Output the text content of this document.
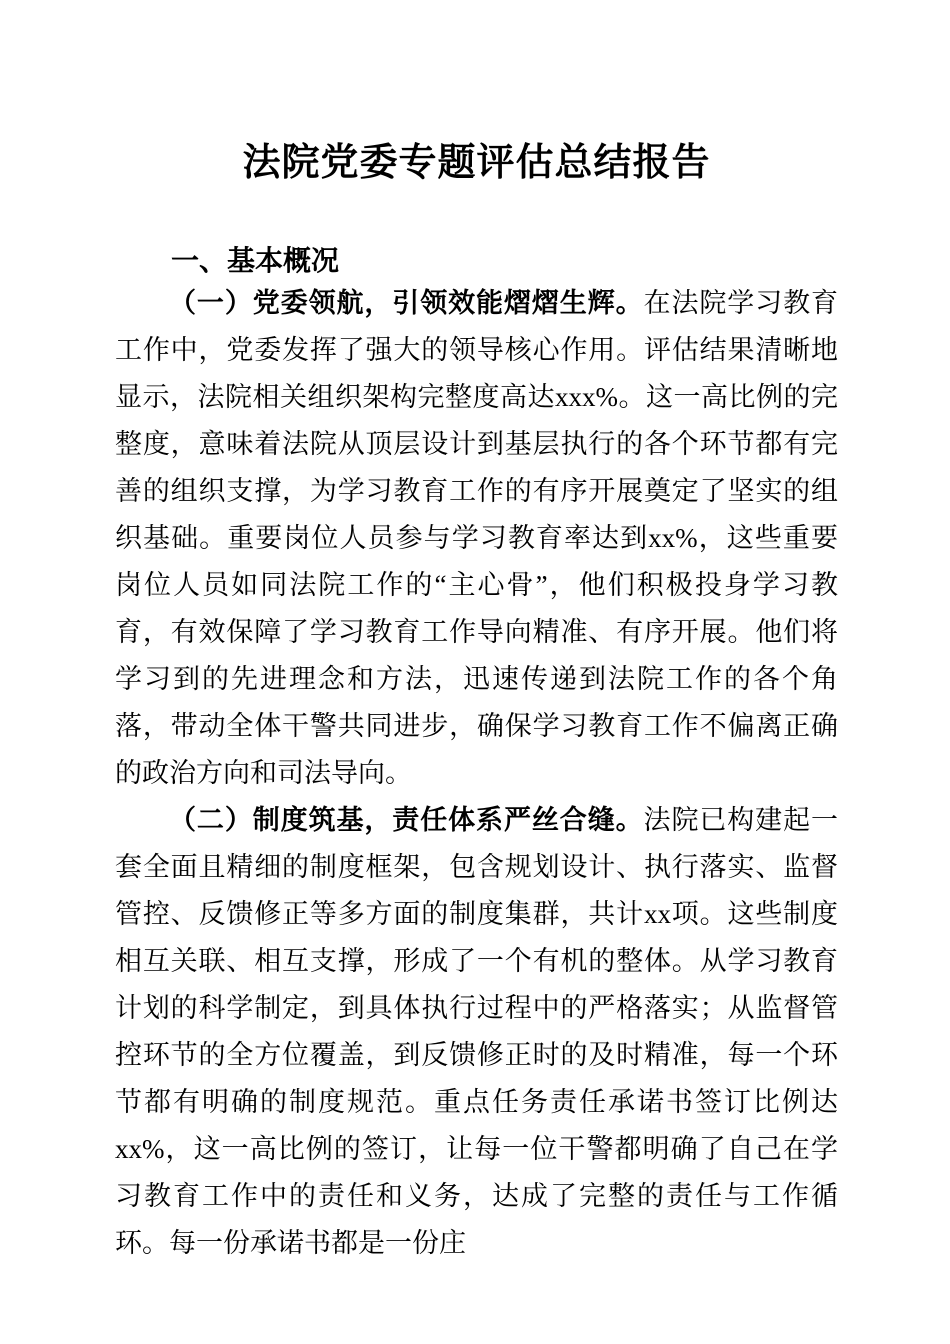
法院党委专题评估总结报告
一、基本概况

（一）党委领航，引领效能熠熠生辉。在法院学习教育工作中，党委发挥了强大的领导核心作用。评估结果清晰地显示，法院相关组织架构完整度高达xxx%。这一高比例的完整度，意味着法院从顶层设计到基层执行的各个环节都有完善的组织支撑，为学习教育工作的有序开展奠定了坚实的组织基础。重要岗位人员参与学习教育率达到xx%，这些重要岗位人员如同法院工作的“主心骨”，他们积极投身学习教育，有效保障了学习教育工作导向精准、有序开展。他们将学习到的先进理念和方法，迅速传递到法院工作的各个角落，带动全体干警共同进步，确保学习教育工作不偏离正确的政治方向和司法导向。

（二）制度筑基，责任体系严丝合缝。法院已构建起一套全面且精细的制度框架，包含规划设计、执行落实、监督管控、反馈修正等多方面的制度集群，共计xx项。这些制度相互关联、相互支撑，形成了一个有机的整体。从学习教育计划的科学制定，到具体执行过程中的严格落实；从监督管控环节的全方位覆盖，到反馈修正时的及时精准，每一个环节都有明确的制度规范。重点任务责任承诺书签订比例达xx%，这一高比例的签订，让每一位干警都明确了自己在学习教育工作中的责任和义务，达成了完整的责任与工作循环。每一份承诺书都是一份庄
